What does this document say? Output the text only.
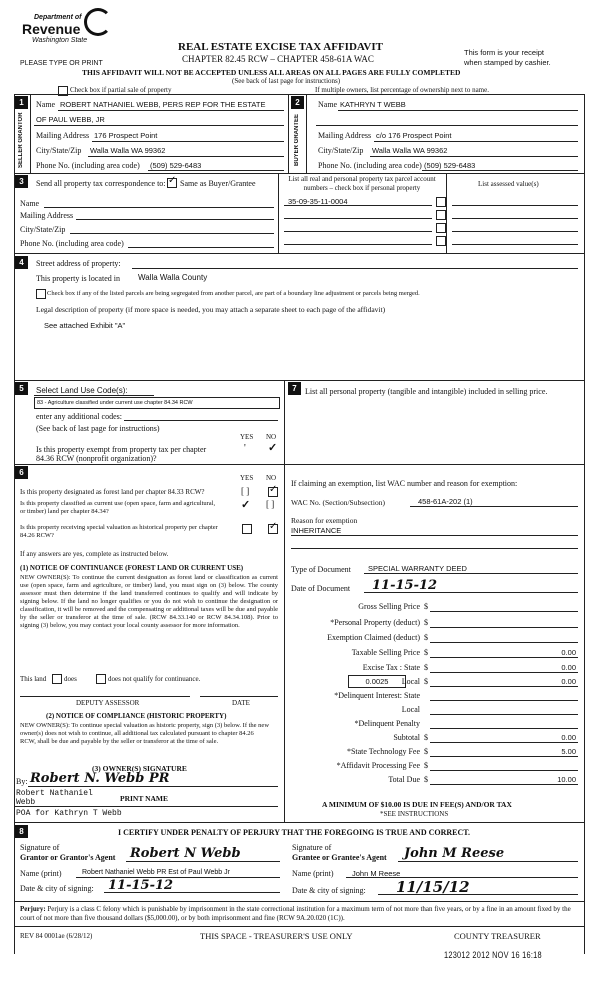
Department of
Revenue
Washington State
REAL ESTATE EXCISE TAX AFFIDAVIT
CHAPTER 82.45 RCW – CHAPTER 458-61A WAC
PLEASE TYPE OR PRINT
This form is your receipt
when stamped by cashier.
THIS AFFIDAVIT WILL NOT BE ACCEPTED UNLESS ALL AREAS ON ALL PAGES ARE FULLY COMPLETED
(See back of last page for instructions)
Check box if partial sale of property	If multiple owners, list percentage of ownership next to name.
1
SELLER GRANTOR
Name ROBERT NATHANIEL WEBB, PERS REP FOR THE ESTATE
OF PAUL WEBB, JR
Mailing Address 176 Prospect Point
City/State/Zip Walla Walla WA 99362
Phone No. (including area code) (509) 529-6483
2
BUYER GRANTEE
Name KATHRYN T WEBB
Mailing Address c/o 176 Prospect Point
City/State/Zip Walla Walla WA 99362
Phone No. (including area code) (509) 529-6483
3	Send all property tax correspondence to: ✓ Same as Buyer/Grantee	List all real and personal property tax parcel account numbers – check box if personal property	List assessed value(s)
Name
Mailing Address
City/State/Zip
Phone No. (including area code)
35-09-35-11-0004
4	Street address of property:
This property is located in Walla Walla County
Check box if any of the listed parcels are being segregated from another parcel, are part of a boundary line adjustment or parcels being merged.
Legal description of property (if more space is needed, you may attach a separate sheet to each page of the affidavit)
See attached Exhibit "A"
5	Select Land Use Code(s):
83 - Agriculture classified under current use chapter 84.34 RCW
enter any additional codes:
(See back of last page for instructions)
YES NO
Is this property exempt from property tax per chapter 84.36 RCW (nonprofit organization)?
' ✓
7	List all personal property (tangible and intangible) included in selling price.
6
YES NO
Is this property designated as forest land per chapter 84.33 RCW?	[ ] ✓
Is this property classified as current use (open space, farm and agricultural, or timber) land per chapter 84.34?
✓ [ ]
Is this property receiving special valuation as historical property per chapter 84.26 RCW?
✓
If any answers are yes, complete as instructed below.
(1) NOTICE OF CONTINUANCE (FOREST LAND OR CURRENT USE)
NEW OWNER(S): To continue the current designation as forest land or classification as current use (open space, farm and agriculture, or timber) land, you must sign on (3) below. The county assessor must then determine if the land transferred continues to qualify and will indicate by signing below. If the land no longer qualifies or you do not wish to continue the designation or classification, it will be removed and the compensating or additional taxes will be due and payable by the seller or transferor at the time of sale. (RCW 84.33.140 or RCW 84.34.108). Prior to signing (3) below, you may contact your local county assessor for more information.
This land	does	does not qualify for continuance.
DEPUTY ASSESSOR	DATE
(2) NOTICE OF COMPLIANCE (HISTORIC PROPERTY)
NEW OWNER(S): To continue special valuation as historic property, sign (3) below. If the new owner(s) does not wish to continue, all additional tax calculated pursuant to chapter 84.26 RCW, shall be due and payable by the seller or transferor at the time of sale.
(3) OWNER(S) SIGNATURE
By: Robert N. Webb PR
Robert Nathaniel
Webb	PRINT NAME
POA for Kathryn T Webb
If claiming an exemption, list WAC number and reason for exemption:
WAC No. (Section/Subsection)	458-61A-202 (1)
Reason for exemption
INHERITANCE
Type of Document SPECIAL WARRANTY DEED
Date of Document 11-15-12
Gross Selling Price $
*Personal Property (deduct) $
Exemption Claimed (deduct) $
Taxable Selling Price $	0.00
Excise Tax : State $	0.00
0.0025	Local $	0.00
*Delinquent Interest: State
Local
*Delinquent Penalty
Subtotal $	0.00
*State Technology Fee $	5.00
*Affidavit Processing Fee $
Total Due $	10.00
A MINIMUM OF $10.00 IS DUE IN FEE(S) AND/OR TAX
*SEE INSTRUCTIONS
8	I CERTIFY UNDER PENALTY OF PERJURY THAT THE FOREGOING IS TRUE AND CORRECT.
Signature of
Grantor or Grantor's Agent Robert N Webb	Signature of
Grantee or Grantee's Agent John M Reese
Name (print)	Robert Nathaniel Webb PR Est of Paul Webb Jr	Name (print) John M Reese
Date & city of signing: 11-15-12	Date & city of signing: 11/15/12
Perjury: Perjury is a class C felony which is punishable by imprisonment in the state correctional institution for a maximum term of not more than five years, or by a fine in an amount fixed by the court of not more than five thousand dollars ($5,000.00), or by both imprisonment and fine (RCW 9A.20.020 (1C)).
REV 84 0001ae (6/28/12)	THIS SPACE - TREASURER'S USE ONLY	COUNTY TREASURER
123012 2012 NOV 16 16:18
